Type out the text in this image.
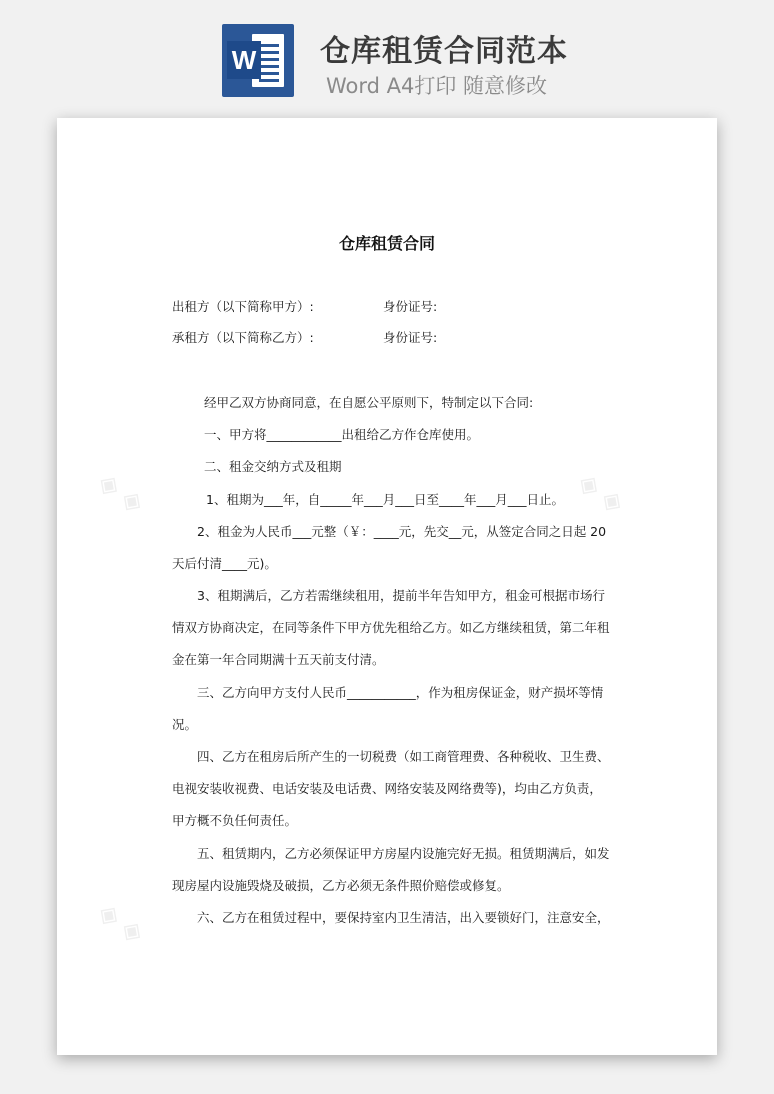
W 仓库租赁合同范本
Word A4打印 随意修改
◈ ◈	◈ ◈
◈ ◈
仓库租赁合同
出租方（以下简称甲方）:	身份证号:
承租方（以下简称乙方）:	身份证号:
经甲乙双方协商同意，在自愿公平原则下，特制定以下合同:
一、甲方将____________出租给乙方作仓库使用。
二、租金交纳方式及租期
1、租期为___年，自_____年___月___日至____年___月___日止。
2、租金为人民币___元整（￥：____元，先交__元，从签定合同之日起 20
天后付清____元)。
3、租期满后，乙方若需继续租用，提前半年告知甲方，租金可根据市场行
情双方协商决定，在同等条件下甲方优先租给乙方。如乙方继续租赁，第二年租
金在第一年合同期满十五天前支付清。
三、乙方向甲方支付人民币___________，作为租房保证金，财产损坏等情
况。
四、乙方在租房后所产生的一切税费（如工商管理费、各种税收、卫生费、
电视安装收视费、电话安装及电话费、网络安装及网络费等)，均由乙方负责，
甲方概不负任何责任。
五、租赁期内，乙方必须保证甲方房屋内设施完好无损。租赁期满后，如发
现房屋内设施毁烧及破损，乙方必须无条件照价赔偿或修复。
六、乙方在租赁过程中，要保持室内卫生清洁，出入要锁好门，注意安全，
